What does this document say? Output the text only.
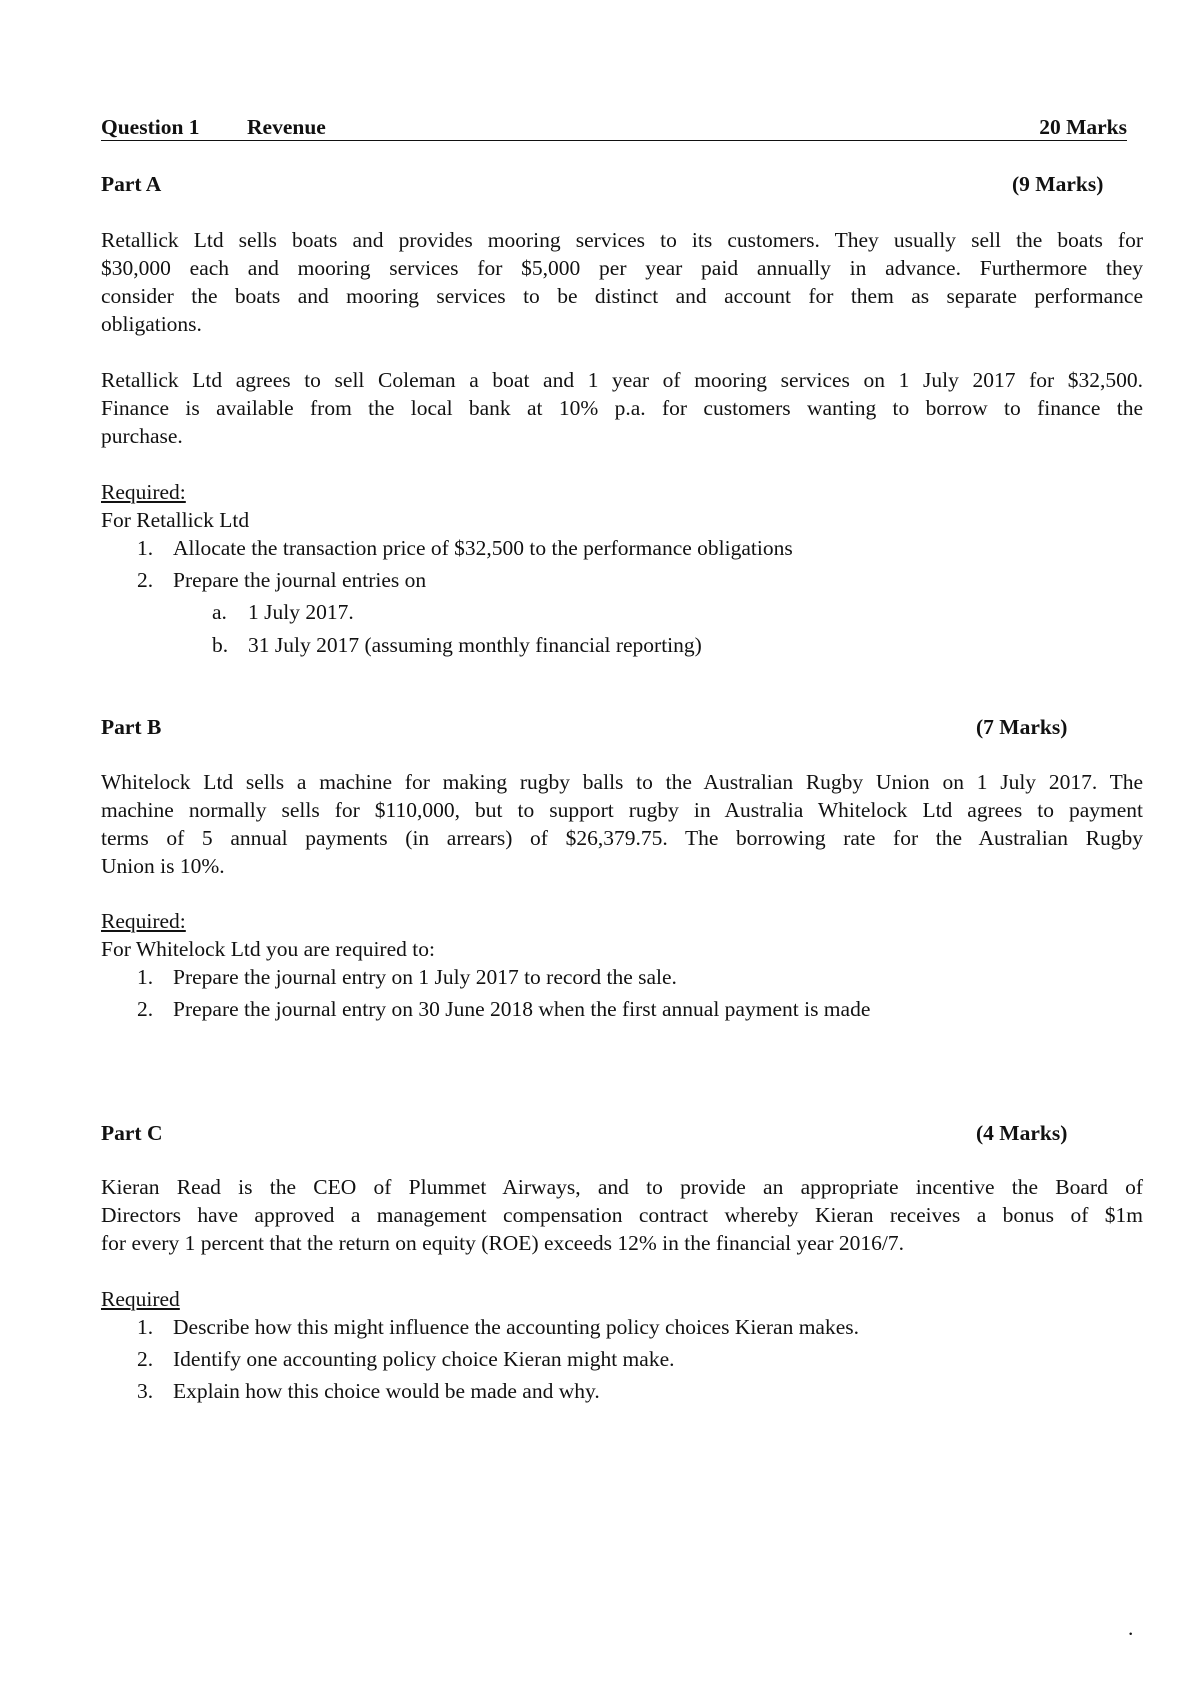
Question 1 Revenue	20 Marks
Part A	(9 Marks)
Retallick Ltd sells boats and provides mooring services to its customers. They usually sell the boats for
$30,000 each and mooring services for $5,000 per year paid annually in advance. Furthermore they
consider the boats and mooring services to be distinct and account for them as separate performance
obligations.
Retallick Ltd agrees to sell Coleman a boat and 1 year of mooring services on 1 July 2017 for $32,500.
Finance is available from the local bank at 10% p.a. for customers wanting to borrow to finance the
purchase.
Required:
For Retallick Ltd
1. Allocate the transaction price of $32,500 to the performance obligations
2. Prepare the journal entries on
a. 1 July 2017.
b. 31 July 2017 (assuming monthly financial reporting)
Part B	(7 Marks)
Whitelock Ltd sells a machine for making rugby balls to the Australian Rugby Union on 1 July 2017. The
machine normally sells for $110,000, but to support rugby in Australia Whitelock Ltd agrees to payment
terms of 5 annual payments (in arrears) of $26,379.75. The borrowing rate for the Australian Rugby
Union is 10%.
Required:
For Whitelock Ltd you are required to:
1. Prepare the journal entry on 1 July 2017 to record the sale.
2. Prepare the journal entry on 30 June 2018 when the first annual payment is made
Part C	(4 Marks)
Kieran Read is the CEO of Plummet Airways, and to provide an appropriate incentive the Board of
Directors have approved a management compensation contract whereby Kieran receives a bonus of $1m
for every 1 percent that the return on equity (ROE) exceeds 12% in the financial year 2016/7.
Required
1. Describe how this might influence the accounting policy choices Kieran makes.
2. Identify one accounting policy choice Kieran might make.
3. Explain how this choice would be made and why.
.
